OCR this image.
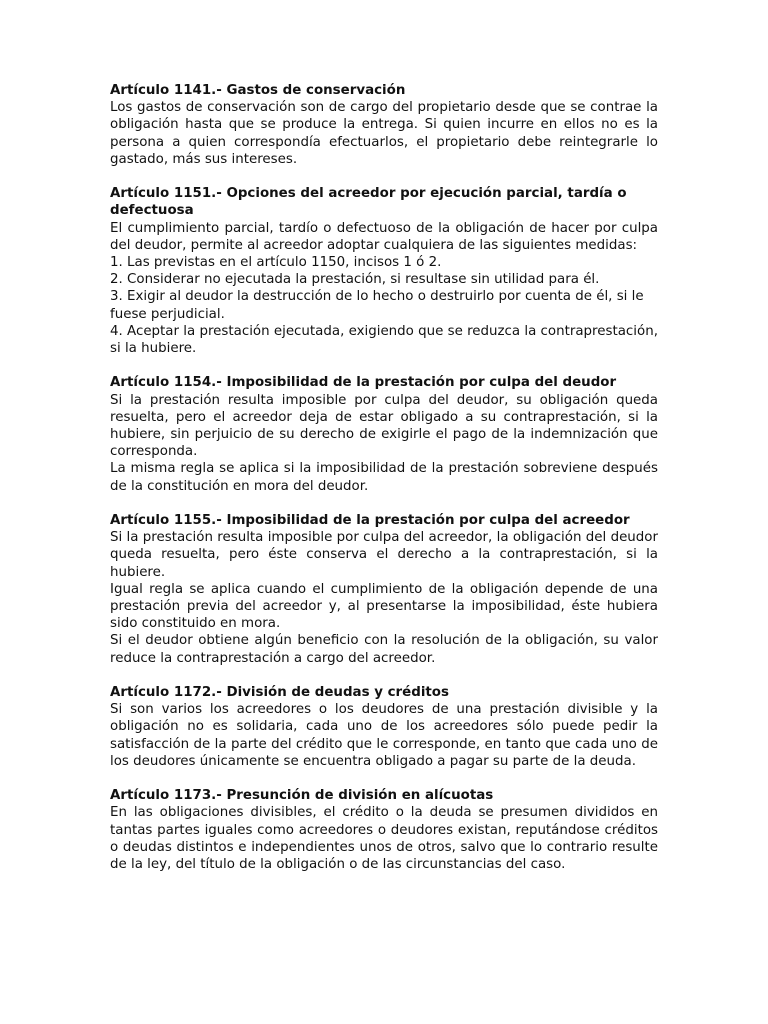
Artículo 1141.- Gastos de conservación

Los gastos de conservación son de cargo del propietario desde que se contrae la obligación hasta que se produce la entrega. Si quien incurre en ellos no es la persona a quien correspondía efectuarlos, el propietario debe reintegrarle lo gastado, más sus intereses.

Artículo 1151.- Opciones del acreedor por ejecución parcial, tardía o defectuosa

El cumplimiento parcial, tardío o defectuoso de la obligación de hacer por culpa del deudor, permite al acreedor adoptar cualquiera de las siguientes medidas:

1. Las previstas en el artículo 1150, incisos 1 ó 2.

2. Considerar no ejecutada la prestación, si resultase sin utilidad para él.

3. Exigir al deudor la destrucción de lo hecho o destruirlo por cuenta de él, si le fuese perjudicial.

4. Aceptar la prestación ejecutada, exigiendo que se reduzca la contraprestación, si la hubiere.

Artículo 1154.- Imposibilidad de la prestación por culpa del deudor

Si la prestación resulta imposible por culpa del deudor, su obligación queda resuelta, pero el acreedor deja de estar obligado a su contraprestación, si la hubiere, sin perjuicio de su derecho de exigirle el pago de la indemnización que corresponda.

La misma regla se aplica si la imposibilidad de la prestación sobreviene después de la constitución en mora del deudor.

Artículo 1155.- Imposibilidad de la prestación por culpa del acreedor

Si la prestación resulta imposible por culpa del acreedor, la obligación del deudor queda resuelta, pero éste conserva el derecho a la contraprestación, si la hubiere.

Igual regla se aplica cuando el cumplimiento de la obligación depende de una prestación previa del acreedor y, al presentarse la imposibilidad, éste hubiera sido constituido en mora.

Si el deudor obtiene algún beneficio con la resolución de la obligación, su valor reduce la contraprestación a cargo del acreedor.

Artículo 1172.- División de deudas y créditos

Si son varios los acreedores o los deudores de una prestación divisible y la obligación no es solidaria, cada uno de los acreedores sólo puede pedir la satisfacción de la parte del crédito que le corresponde, en tanto que cada uno de los deudores únicamente se encuentra obligado a pagar su parte de la deuda.

Artículo 1173.- Presunción de división en alícuotas

En las obligaciones divisibles, el crédito o la deuda se presumen divididos en tantas partes iguales como acreedores o deudores existan, reputándose créditos o deudas distintos e independientes unos de otros, salvo que lo contrario resulte de la ley, del título de la obligación o de las circunstancias del caso.
